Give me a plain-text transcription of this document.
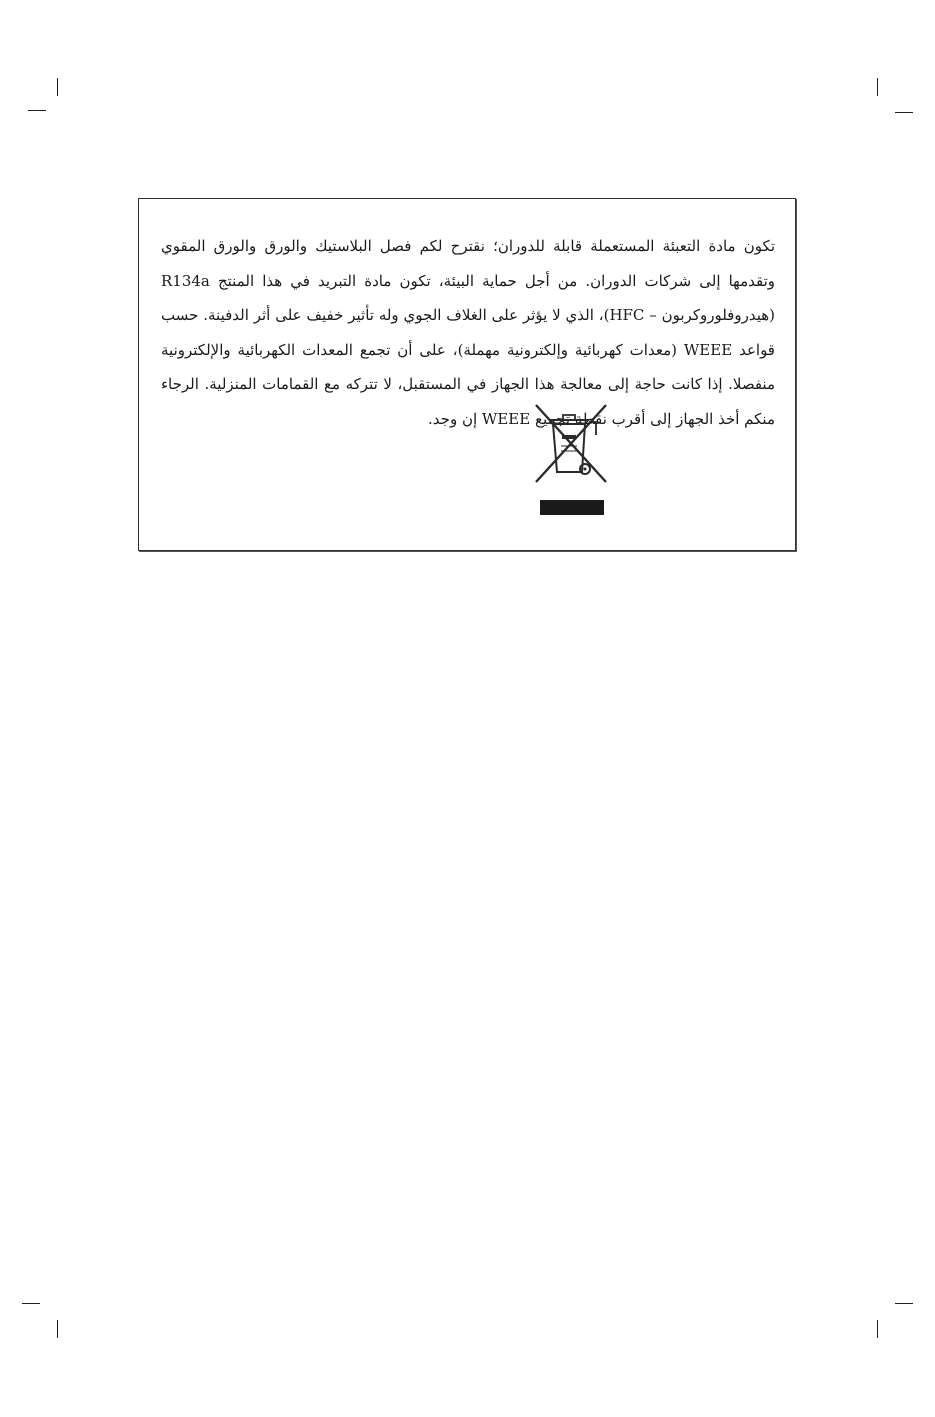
تكون مادة التعبئة المستعملة قابلة للدوران؛ نقترح لكم فصل البلاستيك والورق والورق المقوي وتقدمها إلى شركات الدوران. من أجل حماية البيئة، تكون مادة التبريد في هذا المنتج R134a (هيدروفلوروكربون – HFC)، الذي لا يؤثر على الغلاف الجوي وله تأثير خفيف على أثر الدفينة. حسب قواعد WEEE (معدات كهربائية وإلكترونية مهملة)، على أن تجمع المعدات الكهربائية والإلكترونية منفصلا. إذا كانت حاجة إلى معالجة هذا الجهاز في المستقبل، لا تتركه مع القمامات المنزلية. الرجاء منكم أخذ الجهاز إلى أقرب نقطة تجميع WEEE إن وجد.
